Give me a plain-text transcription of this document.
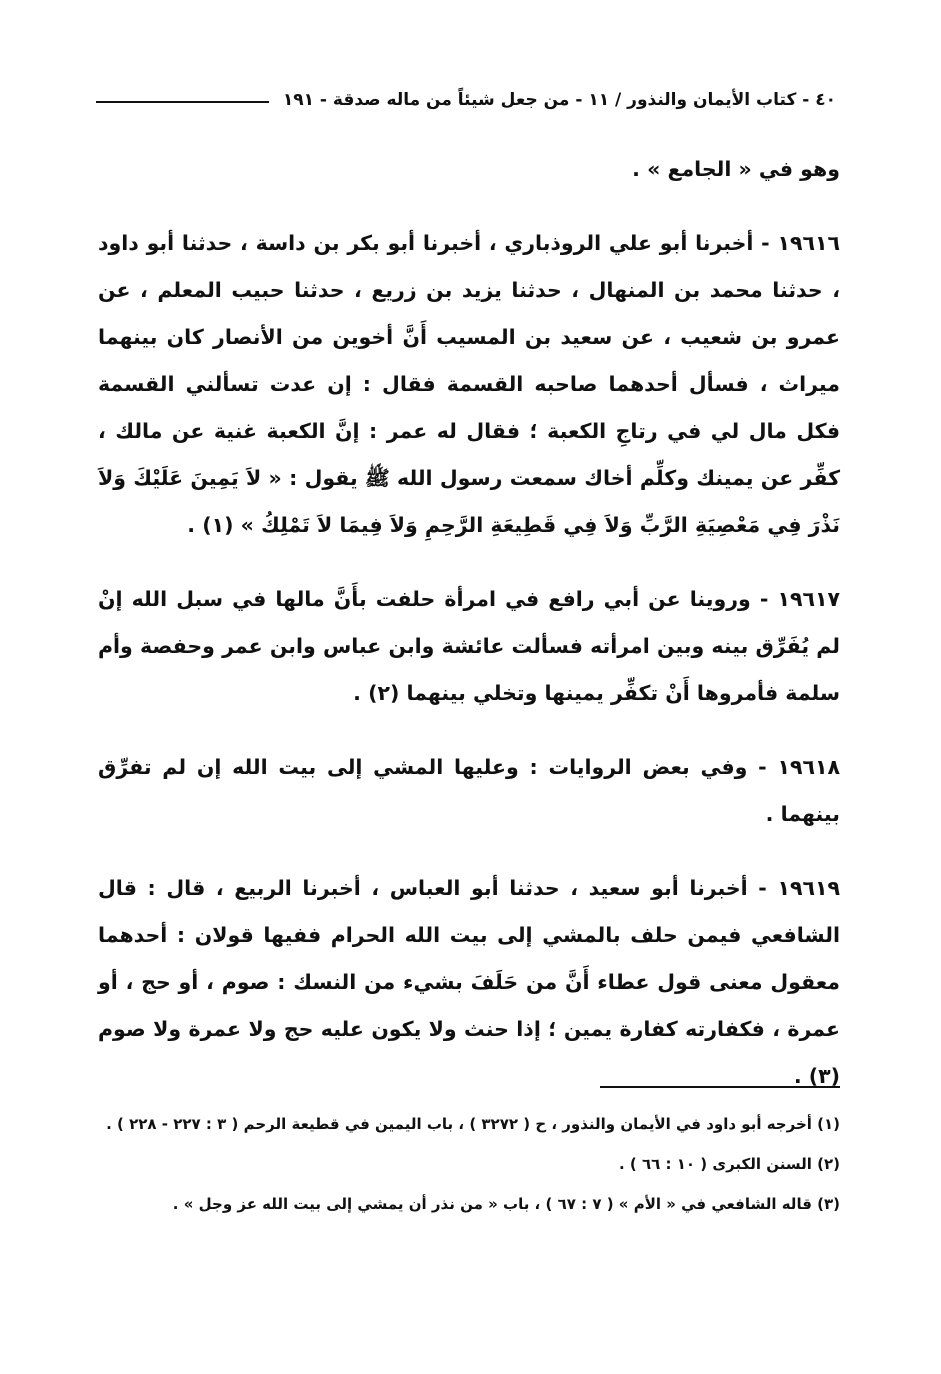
٤٠ - كتاب الأيمان والنذور / ١١ - من جعل شيئاً من ماله صدقة - ١٩١

وهو في « الجامع » .

١٩٦١٦ - أخبرنا أبو علي الروذباري ، أخبرنا أبو بكر بن داسة ، حدثنا أبو داود ، حدثنا محمد بن المنهال ، حدثنا يزيد بن زريع ، حدثنا حبيب المعلم ، عن عمرو بن شعيب ، عن سعيد بن المسيب أَنَّ أخوين من الأنصار كان بينهما ميراث ، فسأل أحدهما صاحبه القسمة فقال : إن عدت تسألني القسمة فكل مال لي في رتاجِ الكعبة ؛ فقال له عمر : إنَّ الكعبة غنية عن مالك ، كفِّر عن يمينك وكلِّم أخاك سمعت رسول الله ﷺ يقول : « لاَ يَمِينَ عَلَيْكَ وَلاَ نَذْرَ فِي مَعْصِيَةِ الرَّبِّ وَلاَ فِي قَطِيعَةِ الرَّحِمِ وَلاَ فِيمَا لاَ تَمْلِكُ » (١) .

١٩٦١٧ - وروينا عن أبي رافع في امرأة حلفت بأَنَّ مالها في سبل الله إنْ لم يُفَرِّق بينه وبين امرأته فسألت عائشة وابن عباس وابن عمر وحفصة وأم سلمة فأمروها أَنْ تكفِّر يمينها وتخلي بينهما (٢) .

١٩٦١٨ - وفي بعض الروايات : وعليها المشي إلى بيت الله إن لم تفرِّق بينهما .

١٩٦١٩ - أخبرنا أبو سعيد ، حدثنا أبو العباس ، أخبرنا الربيع ، قال : قال الشافعي فيمن حلف بالمشي إلى بيت الله الحرام ففيها قولان : أحدهما معقول معنى قول عطاء أَنَّ من حَلَفَ بشيء من النسك : صوم ، أو حج ، أو عمرة ، فكفارته كفارة يمين ؛ إذا حنث ولا يكون عليه حج ولا عمرة ولا صوم (٣) .

(١) أخرجه أبو داود في الأيمان والنذور ، ح ( ٣٢٧٢ ) ، باب اليمين في قطيعة الرحم ( ٣ : ٢٢٧ - ٢٢٨ ) .

(٢) السنن الكبرى ( ١٠ : ٦٦ ) .

(٣) قاله الشافعي في « الأم » ( ٧ : ٦٧ ) ، باب « من نذر أن يمشي إلى بيت الله عز وجل » .
